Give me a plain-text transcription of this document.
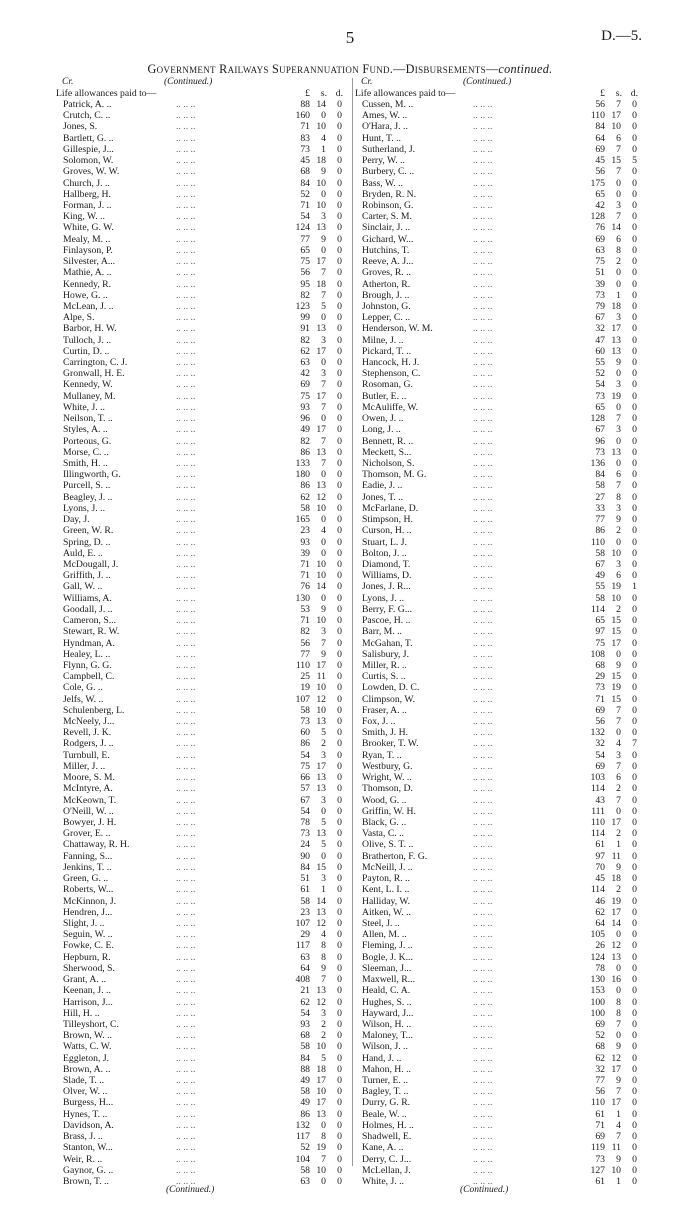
5	D.—5.
Government Railways Superannuation Fund.—Disbursements—continued.
Cr.	(Continued.)
Life allowances paid to—	£	s. d.
Patrick, A. ..	.. .. ..	88 14	0
Crutch, C. ..	.. .. ..	160	0	0
Jones, S.	.. .. ..	71 10	0
Bartlett, G. ..	.. .. ..	83	4	0
Gillespie, J...	.. .. ..	73	1	0
Solomon, W.	.. .. ..	45 18	0
Groves, W. W.	.. .. ..	68	9	0
Church, J. ..	.. .. ..	84 10	0
Hallberg, H.	.. .. ..	52	0	0
Forman, J. ..	.. .. ..	71 10	0
King, W. ..	.. .. ..	54	3	0
White, G. W.	.. .. ..	124 13	0
Mealy, M. ..	.. .. ..	77	9	0
Finlayson, P.	.. .. ..	65	0	0
Silvester, A...	.. .. ..	75 17	0
Mathie, A. ..	.. .. ..	56	7	0
Kennedy, R.	.. .. ..	95 18	0
Howe, G. ..	.. .. ..	82	7	0
McLean, J. ..	.. .. ..	123	5	0
Alpe, S.	.. .. ..	99	0	0
Barbor, H. W.	.. .. ..	91 13	0
Tulloch, J. ..	.. .. ..	82	3	0
Curtin, D. ..	.. .. ..	62 17	0
Carrington, C. J.	.. .. ..	63	0	0
Gronwall, H. E.	.. .. ..	42	3	0
Kennedy, W.	.. .. ..	69	7	0
Mullaney, M.	.. .. ..	75 17	0
White, J. ..	.. .. ..	93	7	0
Neilson, T. ..	.. .. ..	96	0	0
Styles, A. ..	.. .. ..	49 17	0
Porteous, G.	.. .. ..	82	7	0
Morse, C. ..	.. .. ..	86 13	0
Smith, H. ..	.. .. ..	133	7	0
Illingworth, G.	.. .. ..	180	0	0
Purcell, S. ..	.. .. ..	86 13	0
Beagley, J. ..	.. .. ..	62 12	0
Lyons, J. ..	.. .. ..	58 10	0
Day, J.	.. .. ..	165	0	0
Green, W. R.	.. .. ..	23	4	0
Spring, D. ..	.. .. ..	93	0	0
Auld, E. ..	.. .. ..	39	0	0
McDougall, J.	.. .. ..	71 10	0
Griffith, J. ..	.. .. ..	71 10	0
Gall, W. ..	.. .. ..	76 14	0
Williams, A.	.. .. ..	130	0	0
Goodall, J. ..	.. .. ..	53	9	0
Cameron, S...	.. .. ..	71 10	0
Stewart, R. W.	.. .. ..	82	3	0
Hyndman, A.	.. .. ..	56	7	0
Healey, L. ..	.. .. ..	77	9	0
Flynn, G. G.	.. .. ..	110 17	0
Campbell, C.	.. .. ..	25 11	0
Cole, G. ..	.. .. ..	19 10	0
Jelfs, W. ..	.. .. ..	107 12	0
Schulenberg, L.	.. .. ..	58 10	0
McNeely, J...	.. .. ..	73 13	0
Revell, J. K.	.. .. ..	60	5	0
Rodgers, J. ..	.. .. ..	86	2	0
Turnbull, E.	.. .. ..	54	3	0
Miller, J. ..	.. .. ..	75 17	0
Moore, S. M.	.. .. ..	66 13	0
McIntyre, A.	.. .. ..	57 13	0
McKeown, T.	.. .. ..	67	3	0
O'Neill, W. ..	.. .. ..	54	0	0
Bowyer, J. H.	.. .. ..	78	5	0
Grover, E. ..	.. .. ..	73 13	0
Chattaway, R. H.	.. .. ..	24	5	0
Fanning, S...	.. .. ..	90	0	0
Jenkins, T. ..	.. .. ..	84 15	0
Green, G. ..	.. .. ..	51	3	0
Roberts, W...	.. .. ..	61	1	0
McKinnon, J.	.. .. ..	58 14	0
Hendren, J...	.. .. ..	23 13	0
Slight, J. ..	.. .. ..	107 12	0
Seguin, W. ..	.. .. ..	29	4	0
Fowke, C. E.	.. .. ..	117	8	0
Hepburn, R.	.. .. ..	63	8	0
Sherwood, S.	.. .. ..	64	9	0
Grant, A. ..	.. .. ..	408	7	0
Keenan, J. ..	.. .. ..	21 13	0
Harrison, J...	.. .. ..	62 12	0
Hill, H. ..	.. .. ..	54	3	0
Tilleyshort, C.	.. .. ..	93	2	0
Brown, W. ..	.. .. ..	68	2	0
Watts, C. W.	.. .. ..	58 10	0
Eggleton, J.	.. .. ..	84	5	0
Brown, A. ..	.. .. ..	88 18	0
Slade, T. ..	.. .. ..	49 17	0
Olver, W. ..	.. .. ..	58 10	0
Burgess, H...	.. .. ..	49 17	0
Hynes, T. ..	.. .. ..	86 13	0
Davidson, A.	.. .. ..	132	0	0
Brass, J. ..	.. .. ..	117	8	0
Stanton, W...	.. .. ..	52 19	0
Weir, R. ..	.. .. ..	104	7	0
Gaynor, G. ..	.. .. ..	58 10	0
Brown, T. ..	.. .. ..	63	0	0
Cr.	(Continued.)
Life allowances paid to—	£	s. d.
Cussen, M. ..	.. .. ..	56	7	0
Ames, W. ..	.. .. ..	110 17	0
O'Hara, J. ..	.. .. ..	84 10	0
Hunt, T. ..	.. .. ..	64	6	0
Sutherland, J.	.. .. ..	69	7	0
Perry, W. ..	.. .. ..	45 15	5
Burbery, C. ..	.. .. ..	56	7	0
Bass, W. ..	.. .. ..	175	0	0
Bryden, R. N.	.. .. ..	65	0	0
Robinson, G.	.. .. ..	42	3	0
Carter, S. M.	.. .. ..	128	7	0
Sinclair, J. ..	.. .. ..	76 14	0
Gichard, W...	.. .. ..	69	6	0
Hutchins, T.	.. .. ..	63	8	0
Reeve, A. J...	.. .. ..	75	2	0
Groves, R. ..	.. .. ..	51	0	0
Atherton, R.	.. .. ..	39	0	0
Brough, J. ..	.. .. ..	73	1	0
Johnston, G.	.. .. ..	79 18	0
Lepper, C. ..	.. .. ..	67	3	0
Henderson, W. M.	.. .. ..	32 17	0
Milne, J. ..	.. .. ..	47 13	0
Pickard, T. ..	.. .. ..	60 13	0
Hancock, H. J.	.. .. ..	55	9	0
Stephenson, C.	.. .. ..	52	0	0
Rosoman, G.	.. .. ..	54	3	0
Butler, E. ..	.. .. ..	73 19	0
McAuliffe, W.	.. .. ..	65	0	0
Owen, J. ..	.. .. ..	128	7	0
Long, J. ..	.. .. ..	67	3	0
Bennett, R. ..	.. .. ..	96	0	0
Meckett, S...	.. .. ..	73 13	0
Nicholson, S.	.. .. ..	136	0	0
Thomson, M. G.	.. .. ..	84	6	0
Eadie, J. ..	.. .. ..	58	7	0
Jones, T. ..	.. .. ..	27	8	0
McFarlane, D.	.. .. ..	33	3	0
Stimpson, H.	.. .. ..	77	9	0
Curson, H. ..	.. .. ..	86	2	0
Stuart, L. J.	.. .. ..	110	0	0
Bolton, J. ..	.. .. ..	58 10	0
Diamond, T.	.. .. ..	67	3	0
Williams, D.	.. .. ..	49	6	0
Jones, J. R...	.. .. ..	55 19	1
Lyons, J. ..	.. .. ..	58 10	0
Berry, F. G...	.. .. ..	114	2	0
Pascoe, H. ..	.. .. ..	65 15	0
Barr, M. ..	.. .. ..	97 15	0
McGahan, T.	.. .. ..	75 17	0
Salisbury, J.	.. .. ..	108	0	0
Miller, R. ..	.. .. ..	68	9	0
Curtis, S. ..	.. .. ..	29 15	0
Lowden, D. C.	.. .. ..	73 19	0
Climpson, W.	.. .. ..	71 15	0
Fraser, A. ..	.. .. ..	69	7	0
Fox, J. ..	.. .. ..	56	7	0
Smith, J. H.	.. .. ..	132	0	0
Brooker, T. W.	.. .. ..	32	4	7
Ryan, T. ..	.. .. ..	54	3	0
Westbury, G.	.. .. ..	69	7	0
Wright, W. ..	.. .. ..	103	6	0
Thomson, D.	.. .. ..	114	2	0
Wood, G. ..	.. .. ..	43	7	0
Griffin, W. H.	.. .. ..	111	0	0
Black, G. ..	.. .. ..	110 17	0
Vasta, C. ..	.. .. ..	114	2	0
Olive, S. T. ..	.. .. ..	61	1	0
Bratherton, F. G.	.. .. ..	97 11	0
McNeill, J. ..	.. .. ..	70	9	0
Payton, R. ..	.. .. ..	45 18	0
Kent, L. I. ..	.. .. ..	114	2	0
Halliday, W.	.. .. ..	46 19	0
Aitken, W. ..	.. .. ..	62 17	0
Steel, J. ..	.. .. ..	64 14	0
Allen, M. ..	.. .. ..	105	0	0
Fleming, J. ..	.. .. ..	26 12	0
Bogle, J. K...	.. .. ..	124 13	0
Sleeman, J...	.. .. ..	78	0	0
Maxwell, R...	.. .. ..	130 16	0
Heald, C. A.	.. .. ..	153	0	0
Hughes, S. ..	.. .. ..	100	8	0
Hayward, J...	.. .. ..	100	8	0
Wilson, H. ..	.. .. ..	69	7	0
Maloney, T...	.. .. ..	52	0	0
Wilson, J. ..	.. .. ..	68	9	0
Hand, J. ..	.. .. ..	62 12	0
Mahon, H. ..	.. .. ..	32 17	0
Turner, E. ..	.. .. ..	77	9	0
Bagley, T. ..	.. .. ..	56	7	0
Durry, G. R.	.. .. ..	110 17	0
Beale, W. ..	.. .. ..	61	1	0
Holmes, H. ..	.. .. ..	71	4	0
Shadwell, E.	.. .. ..	69	7	0
Kane, A. ..	.. .. ..	119 11	0
Derry, C. J...	.. .. ..	73	9	0
McLellan, J.	.. .. ..	127 10	0
White, J. ..	.. .. ..	61	1	0
(Continued.)	(Continued.)
